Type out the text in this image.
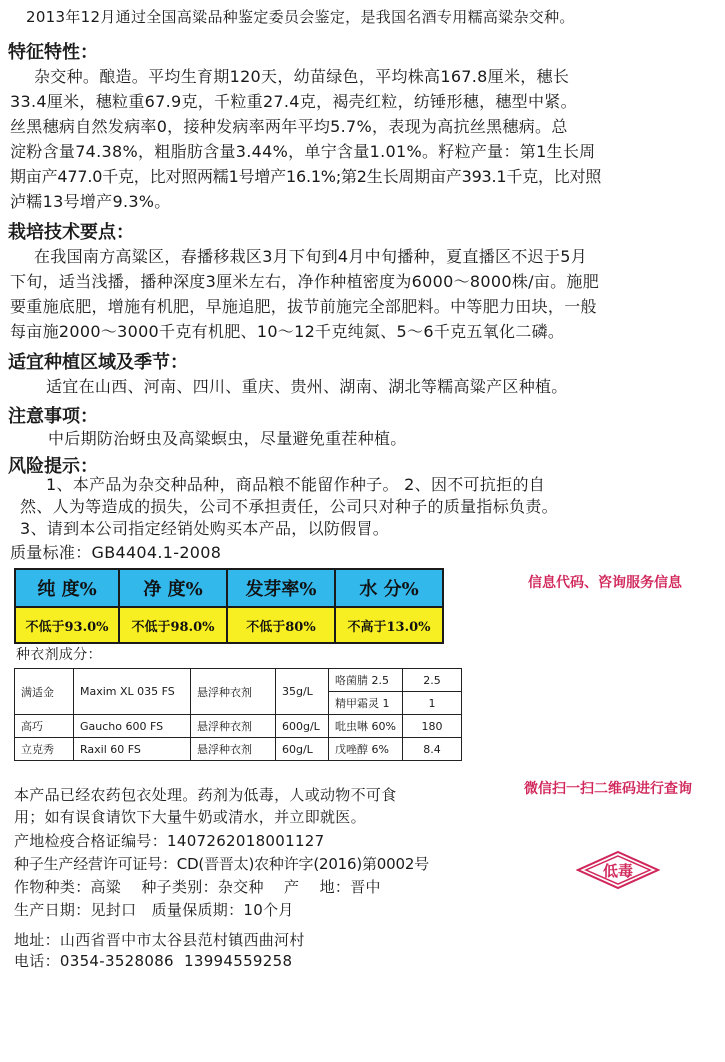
2013年12月通过全国高粱品种鉴定委员会鉴定，是我国名酒专用糯高粱杂交种。
特征特性：
杂交种。酿造。平均生育期120天，幼苗绿色，平均株高167.8厘米，穗长
33.4厘米，穗粒重67.9克，千粒重27.4克，褐壳红粒，纺锤形穗，穗型中紧。
丝黑穗病自然发病率0，接种发病率两年平均5.7%，表现为高抗丝黑穗病。总
淀粉含量74.38%，粗脂肪含量3.44%，单宁含量1.01%。籽粒产量：第1生长周
期亩产477.0千克，比对照两糯1号增产16.1%;第2生长周期亩产393.1千克，比对照
泸糯13号增产9.3%。
栽培技术要点：
在我国南方高粱区，春播移栽区3月下旬到4月中旬播种，夏直播区不迟于5月
下旬，适当浅播，播种深度3厘米左右，净作种植密度为6000～8000株/亩。施肥
要重施底肥，增施有机肥，早施追肥，拔节前施完全部肥料。中等肥力田块，一般
每亩施2000～3000千克有机肥、10～12千克纯氮、5～6千克五氧化二磷。
适宜种植区域及季节：
适宜在山西、河南、四川、重庆、贵州、湖南、湖北等糯高粱产区种植。
注意事项：
中后期防治蚜虫及高粱螟虫，尽量避免重茬种植。
风险提示：
1、本产品为杂交种品种，商品粮不能留作种子。 2、因不可抗拒的自
然、人为等造成的损失，公司不承担责任，公司只对种子的质量指标负责。
3、请到本公司指定经销处购买本产品，以防假冒。
质量标准：GB4404.1-2008
纯 度%	净 度%	发芽率%	水 分%
不低于93.0%	不低于98.0%	不低于80%	不高于13.0%
信息代码、咨询服务信息
种衣剂成分：
满适金	Maxim XL 035 FS	悬浮种衣剂	35g/L	咯菌腈 2.5	2.5
				精甲霜灵 1	1
高巧	Gaucho 600 FS	悬浮种衣剂	600g/L	吡虫啉 60%	180
立克秀	Raxil 60 FS	悬浮种衣剂	60g/L	戊唑醇 6%	8.4
微信扫一扫二维码进行查询
本产品已经农药包衣处理。药剂为低毒，人或动物不可食
用；如有误食请饮下大量牛奶或清水，并立即就医。
产地检疫合格证编号：1407262018001127
种子生产经营许可证号：CD(晋晋太)农种许字(2016)第0002号
作物种类：高粱    种子类别：杂交种    产    地：晋中
生产日期：见封口   质量保质期：10个月
地址：山西省晋中市太谷县范村镇西曲河村
电话：0354-3528086  13994559258
低毒
